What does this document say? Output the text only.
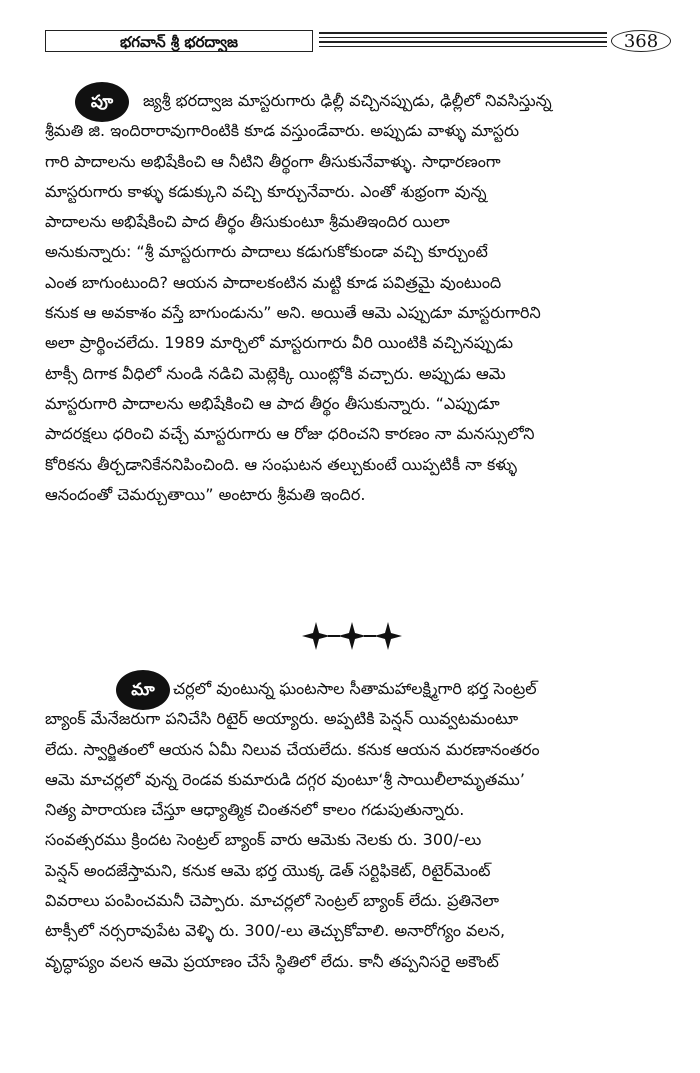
భగవాన్ శ్రీ భరద్వాజ	368
పూ	జ్యశ్రీ భరద్వాజ మాస్టరుగారు ఢిల్లీ వచ్చినప్పుడు, ఢిల్లీలో నివసిస్తున్న
శ్రీమతి జి. ఇందిరారావుగారింటికి కూడ వస్తుండేవారు. అప్పుడు వాళ్ళు మాస్టరు
గారి పాదాలను అభిషేకించి ఆ నీటిని తీర్థంగా తీసుకునేవాళ్ళు. సాధారణంగా
మాస్టరుగారు కాళ్ళు కడుక్కుని వచ్చి కూర్చునేవారు. ఎంతో శుభ్రంగా వున్న
పాదాలను అభిషేకించి పాద తీర్థం తీసుకుంటూ శ్రీమతిఇందిర యిలా
అనుకున్నారు: “శ్రీ మాస్టరుగారు పాదాలు కడుగుకోకుండా వచ్చి కూర్చుంటే
ఎంత బాగుంటుంది? ఆయన పాదాలకంటిన మట్టి కూడ పవిత్రమై వుంటుంది
కనుక ఆ అవకాశం వస్తే బాగుండును” అని. అయితే ఆమె ఎప్పుడూ మాస్టరుగారిని
అలా ప్రార్థించలేదు. 1989 మార్చిలో మాస్టరుగారు వీరి యింటికి వచ్చినప్పుడు
టాక్సీ దిగాక వీధిలో నుండి నడిచి మెట్లెక్కి యింట్లోకి వచ్చారు. అప్పుడు ఆమె
మాస్టరుగారి పాదాలను అభిషేకించి ఆ పాద తీర్థం తీసుకున్నారు. “ఎప్పుడూ
పాదరక్షలు ధరించి వచ్చే మాస్టరుగారు ఆ రోజు ధరించని కారణం నా మనస్సులోని
కోరికను తీర్చడానికేననిపించింది. ఆ సంఘటన తల్చుకుంటే యిప్పటికీ నా కళ్ళు
ఆనందంతో చెమర్చుతాయి” అంటారు శ్రీమతి ఇందిర.
మా	చర్లలో వుంటున్న ఘంటసాల సీతామహాలక్ష్మిగారి భర్త సెంట్రల్
బ్యాంక్ మేనేజరుగా పనిచేసి రిటైర్ అయ్యారు. అప్పటికి పెన్షన్ యివ్వటమంటూ
లేదు. స్వార్జితంలో ఆయన ఏమీ నిలువ చేయలేదు. కనుక ఆయన మరణానంతరం
ఆమె మాచర్లలో వున్న రెండవ కుమారుడి దగ్గర వుంటూ‘శ్రీ సాయిలీలామృతము’
నిత్య పారాయణ చేస్తూ ఆధ్యాత్మిక చింతనలో కాలం గడుపుతున్నారు.
సంవత్సరము క్రిందట సెంట్రల్ బ్యాంక్ వారు ఆమెకు నెలకు రు. 300/-లు
పెన్షన్ అందజేస్తామని, కనుక ఆమె భర్త యొక్క డెత్ సర్టిఫికెట్, రిటైర్‌మెంట్
వివరాలు పంపించమనీ చెప్పారు. మాచర్లలో సెంట్రల్ బ్యాంక్ లేదు. ప్రతినెలా
టాక్సీలో నర్సరావుపేట వెళ్ళి రు. 300/-లు తెచ్చుకోవాలి. అనారోగ్యం వలన,
వృద్ధాప్యం వలన ఆమె ప్రయాణం చేసే స్థితిలో లేదు. కానీ తప్పనిసరై అకౌంట్
